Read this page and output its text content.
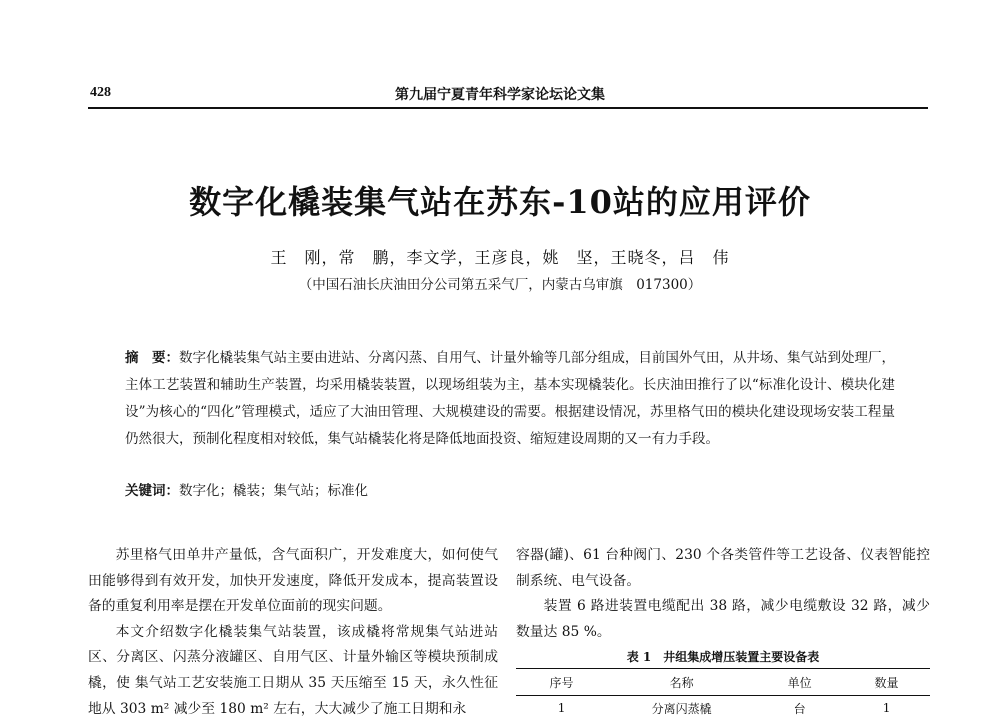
428	第九届宁夏青年科学家论坛论文集
数字化橇装集气站在苏东-10站的应用评价
王　刚，常　鹏，李文学，王彦良，姚　坚，王晓冬，吕　伟
（中国石油长庆油田分公司第五采气厂，内蒙古乌审旗　017300）
摘　要：数字化橇装集气站主要由进站、分离闪蒸、自用气、计量外输等几部分组成，目前国外气田，从井场、集气站到处理厂，主体工艺装置和辅助生产装置，均采用橇装装置，以现场组装为主，基本实现橇装化。长庆油田推行了以“标准化设计、模块化建设”为核心的“四化”管理模式，适应了大油田管理、大规模建设的需要。根据建设情况，苏里格气田的模块化建设现场安装工程量仍然很大，预制化程度相对较低，集气站橇装化将是降低地面投资、缩短建设周期的又一有力手段。
关键词：数字化；橇装；集气站；标准化

苏里格气田单井产量低，含气面积广，开发难度大，如何使气田能够得到有效开发，加快开发速度，降低开发成本，提高装置设备的重复利用率是摆在开发单位面前的现实问题。

本文介绍数字化橇装集气站装置，该成橇将常规集气站进站区、分离区、闪蒸分液罐区、自用气区、计量外输区等模块预制成橇，使 集气站工艺安装施工日期从 35 天压缩至 15 天，永久性征地从 303 m² 减少至 180 m² 左右，大大减少了施工日期和永

容器(罐)、61 台种阀门、230 个各类管件等工艺设备、仪表智能控制系统、电气设备。

装置 6 路进装置电缆配出 38 路，减少电缆敷设 32 路，减少数量达 85 %。

表 1　井组集成增压装置主要设备表
序号	名称	单位	数量
1	分离闪蒸橇	台	1
